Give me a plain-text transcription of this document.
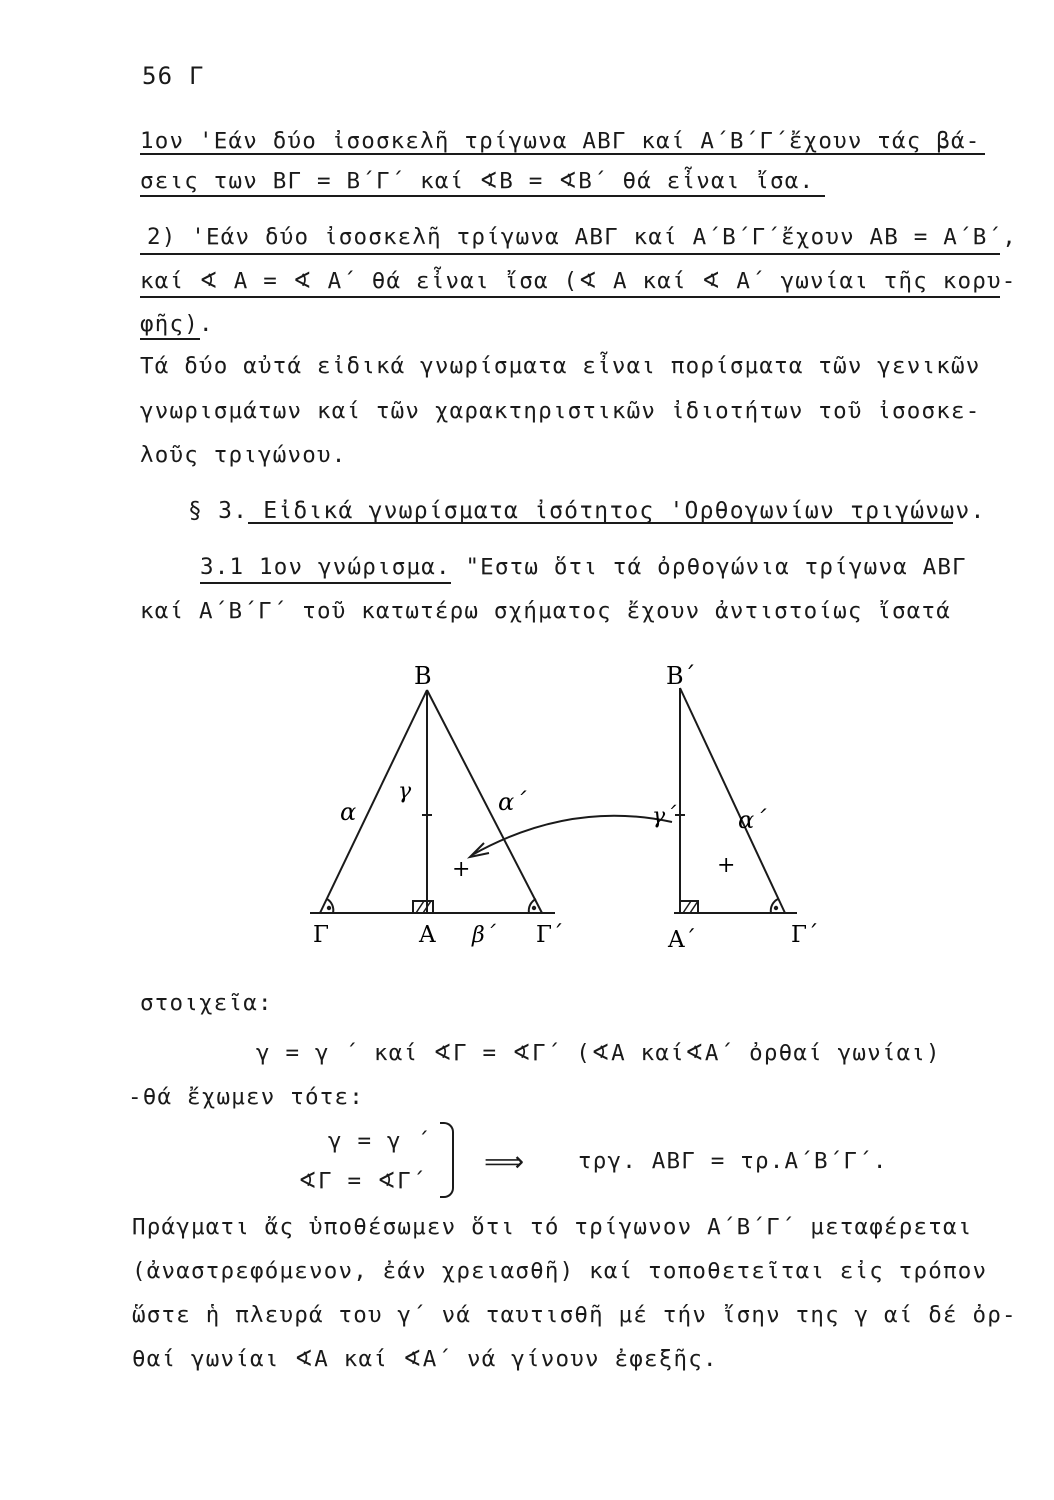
56 Γ
1ον 'Εάν δύο ἰσοσκελῆ τρίγωνα ΑΒΓ καί Α΄Β΄Γ΄ἔχουν τάς βά-
σεις των ΒΓ = Β΄Γ΄ καί ∢Β = ∢Β΄ θά εἶναι ἴσα.
2) 'Εάν δύο ἰσοσκελῆ τρίγωνα ΑΒΓ καί Α΄Β΄Γ΄ἔχουν ΑΒ = Α΄Β΄,
καί ∢ Α = ∢ Α΄ θά εἶναι ἴσα (∢ Α καί ∢ Α΄ γωνίαι τῆς κορυ-
φῆς).
Τά δύο αὐτά εἰδικά γνωρίσματα εἶναι πορίσματα τῶν γενικῶν
γνωρισμάτων καί τῶν χαρακτηριστικῶν ἰδιοτήτων τοῦ ἰσοσκε-
λοῦς τριγώνου.
§ 3. Εἰδικά γνωρίσματα ἰσότητος 'Ορθογωνίων τριγώνων.
3.1 1ον γνώρισμα. "Εστω ὅτι τά ὀρθογώνια τρίγωνα ΑΒΓ
καί Α΄Β΄Γ΄ τοῦ κατωτέρω σχήματος ἔχουν ἀντιστοίως ἴσατά
B
α
γ	α΄
+
Γ	A β΄ Γ΄
B΄
γ΄	α΄
+
A΄	Γ΄
στοιχεῖα:
γ = γ ΄ καί ∢Γ = ∢Γ΄ (∢Α καί∢Α΄ ὀρθαί γωνίαι)
-θά ἔχωμεν τότε:
γ = γ ΄
∢Γ = ∢Γ΄
⟹ τργ. ΑΒΓ = τρ.Α΄Β΄Γ΄.
Πράγματι ἄς ὑποθέσωμεν ὅτι τό τρίγωνον Α΄Β΄Γ΄ μεταφέρεται
(ἀναστρεφόμενον, ἐάν χρειασθῆ) καί τοποθετεῖται εἰς τρόπον
ὥστε ἡ πλευρά του γ΄ νά ταυτισθῆ μέ τήν ἴσην της γ αί δέ ὀρ-
θαί γωνίαι ∢Α καί ∢Α΄ νά γίνουν ἐφεξῆς.
